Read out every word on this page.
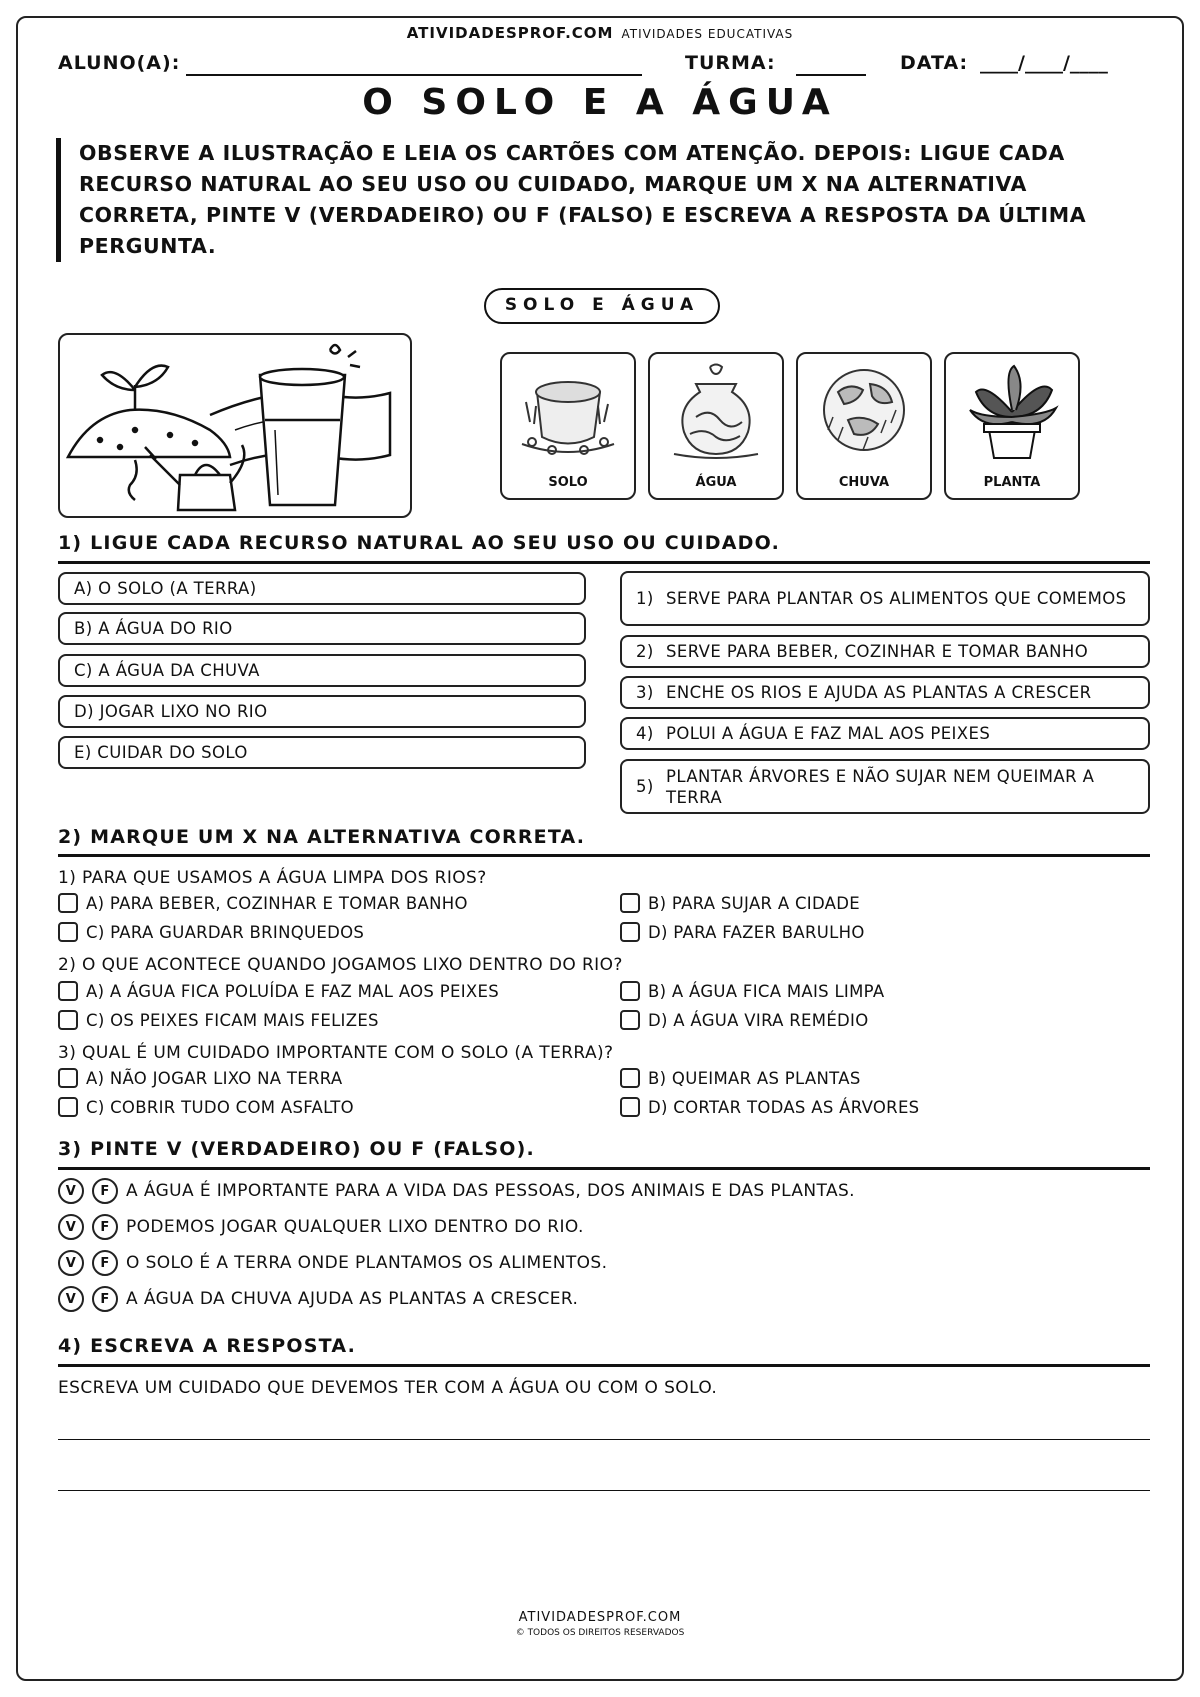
ATIVIDADESPROF.COM ATIVIDADES EDUCATIVAS
ALUNO(A):	TURMA:	DATA: ____/____/____
O SOLO E A ÁGUA
OBSERVE A ILUSTRAÇÃO E LEIA OS CARTÕES COM ATENÇÃO. DEPOIS: LIGUE CADA RECURSO NATURAL AO SEU USO OU CUIDADO, MARQUE UM X NA ALTERNATIVA CORRETA, PINTE V (VERDADEIRO) OU F (FALSO) E ESCREVA A RESPOSTA DA ÚLTIMA PERGUNTA.
SOLO E ÁGUA
SOLO	ÁGUA	CHUVA	PLANTA
1) LIGUE CADA RECURSO NATURAL AO SEU USO OU CUIDADO.
A) O SOLO (A TERRA)
B) A ÁGUA DO RIO
C) A ÁGUA DA CHUVA
D) JOGAR LIXO NO RIO
E) CUIDAR DO SOLO
1) SERVE PARA PLANTAR OS ALIMENTOS QUE COMEMOS
2) SERVE PARA BEBER, COZINHAR E TOMAR BANHO
3) ENCHE OS RIOS E AJUDA AS PLANTAS A CRESCER
4) POLUI A ÁGUA E FAZ MAL AOS PEIXES
5)
PLANTAR ÁRVORES E NÃO SUJAR NEM QUEIMAR A TERRA
2) MARQUE UM X NA ALTERNATIVA CORRETA.
1) PARA QUE USAMOS A ÁGUA LIMPA DOS RIOS?
A) PARA BEBER, COZINHAR E TOMAR BANHO	B) PARA SUJAR A CIDADE
C) PARA GUARDAR BRINQUEDOS	D) PARA FAZER BARULHO
2) O QUE ACONTECE QUANDO JOGAMOS LIXO DENTRO DO RIO?
A) A ÁGUA FICA POLUÍDA E FAZ MAL AOS PEIXES	B) A ÁGUA FICA MAIS LIMPA
C) OS PEIXES FICAM MAIS FELIZES	D) A ÁGUA VIRA REMÉDIO
3) QUAL É UM CUIDADO IMPORTANTE COM O SOLO (A TERRA)?
A) NÃO JOGAR LIXO NA TERRA	B) QUEIMAR AS PLANTAS
C) COBRIR TUDO COM ASFALTO	D) CORTAR TODAS AS ÁRVORES
3) PINTE V (VERDADEIRO) OU F (FALSO).
V	F A ÁGUA É IMPORTANTE PARA A VIDA DAS PESSOAS, DOS ANIMAIS E DAS PLANTAS.
V	F PODEMOS JOGAR QUALQUER LIXO DENTRO DO RIO.
V	F O SOLO É A TERRA ONDE PLANTAMOS OS ALIMENTOS.
V	F A ÁGUA DA CHUVA AJUDA AS PLANTAS A CRESCER.
4) ESCREVA A RESPOSTA.
ESCREVA UM CUIDADO QUE DEVEMOS TER COM A ÁGUA OU COM O SOLO.
ATIVIDADESPROF.COM
© TODOS OS DIREITOS RESERVADOS
